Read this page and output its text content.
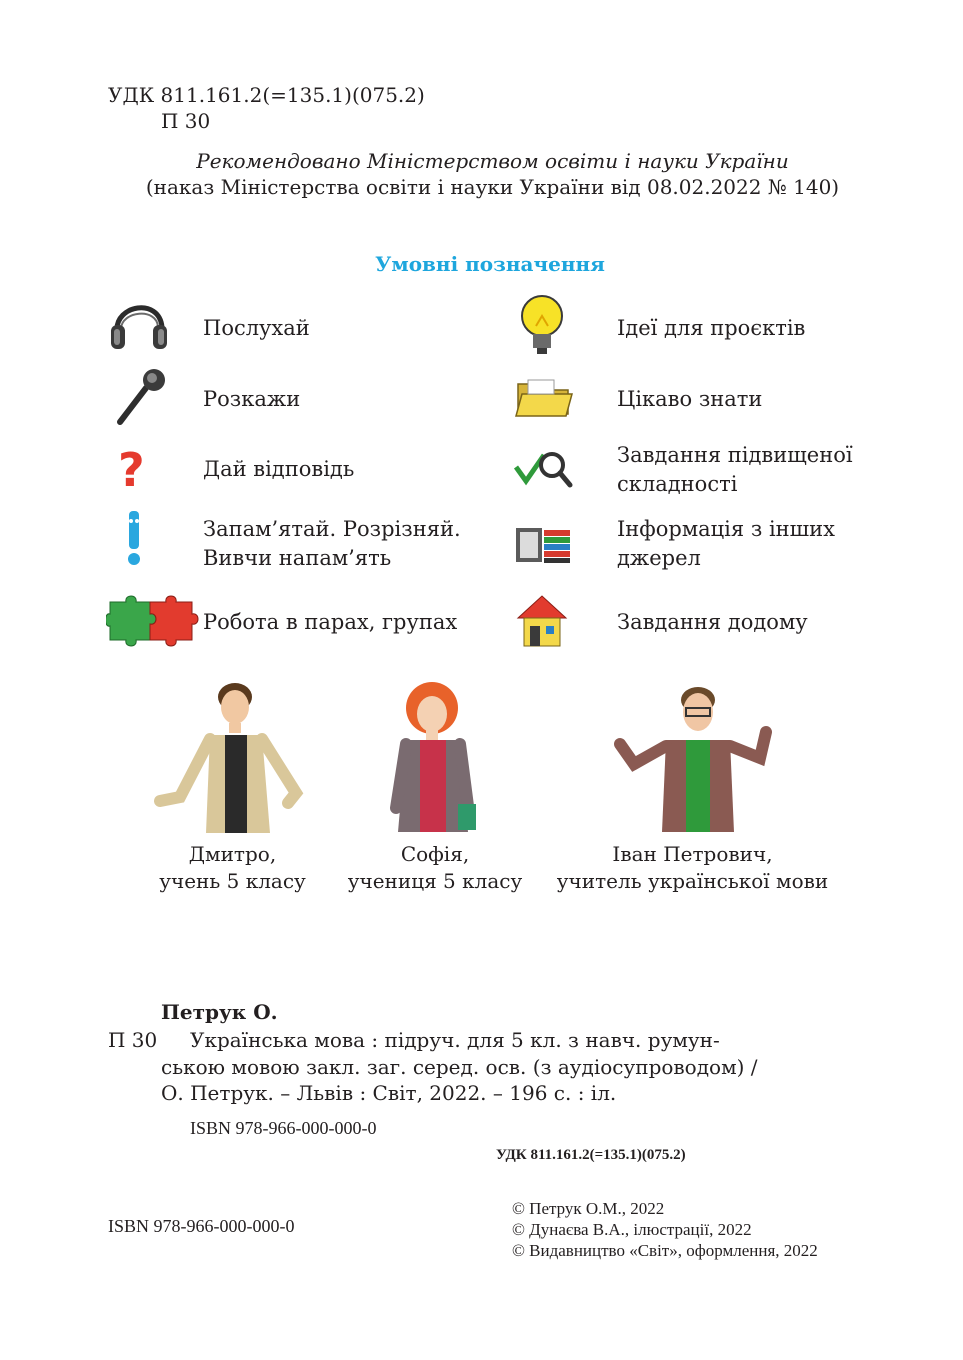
УДК 811.161.2(=135.1)(075.2)
П 30
Рекомендовано Міністерством освіти і науки України
(наказ Міністерства освіти і науки України від 08.02.2022 № 140)
Умовні позначення
?
Послухай
Розкажи
Дай відповідь
Запам’ятай. Розрізняй.
Вивчи напам’ять
Робота в парах, групах
Ідеї для проєктів
Цікаво знати
Завдання підвищеної
складності
Інформація з інших
джерел
Завдання додому
Дмитро,
учень 5 класу
Софія,
учениця 5 класу
Іван Петрович,
учитель української мови
Петрук О.
П 30 Українська мова : підруч. для 5 кл. з навч. румун-
ською мовою закл. заг. серед. осв. (з аудіосупроводом) /
О. Петрук. – Львів : Світ, 2022. – 196 с. : іл.
ISBN 978-966-000-000-0
УДК 811.161.2(=135.1)(075.2)
ISBN 978-966-000-000-0
© Петрук О.М., 2022
© Дунаєва В.А., ілюстрації, 2022
© Видавництво «Світ», оформлення, 2022
